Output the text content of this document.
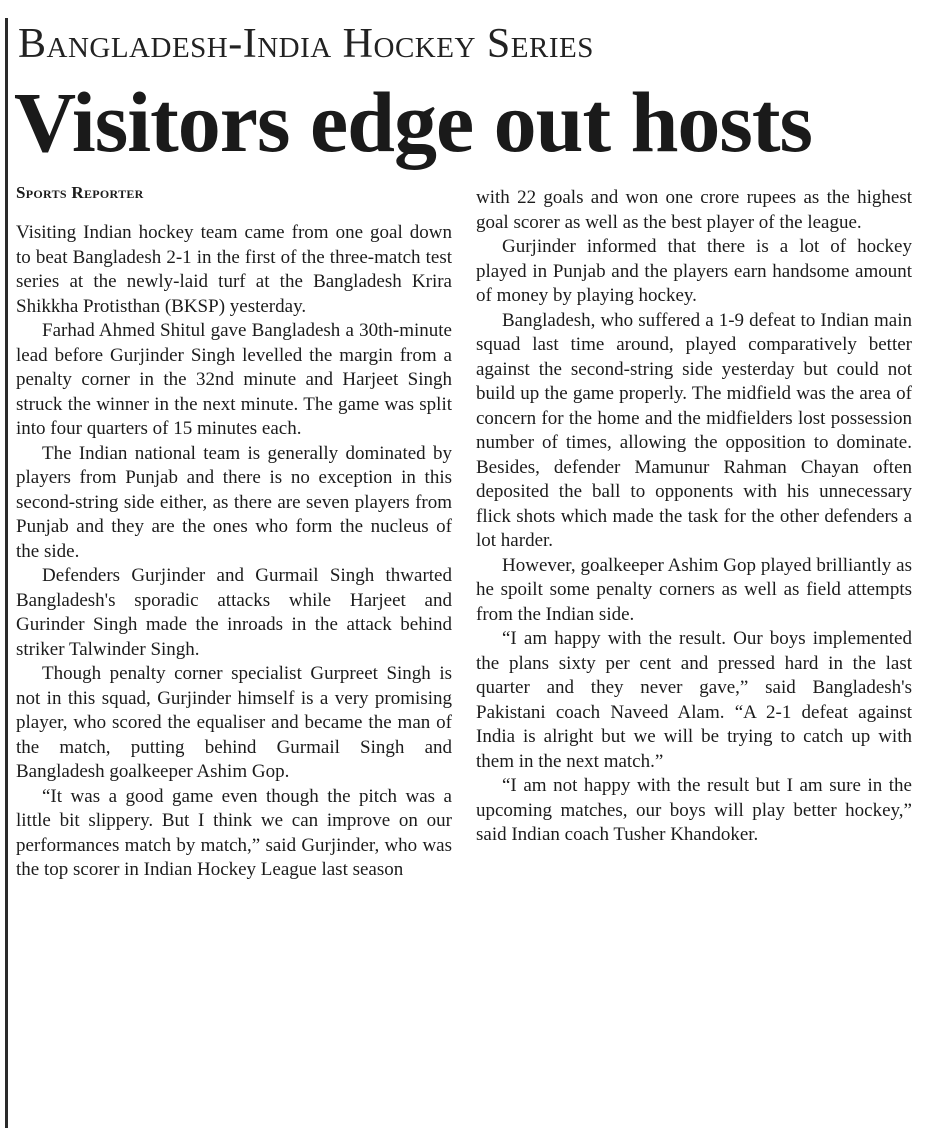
Bangladesh-India Hockey Series
Visitors edge out hosts
Sports Reporter

Visiting Indian hockey team came from one goal down to beat Bangladesh 2-1 in the first of the three-match test series at the newly-laid turf at the Bangladesh Krira Shikkha Protisthan (BKSP) yesterday.

Farhad Ahmed Shitul gave Bangladesh a 30th-minute lead before Gurjinder Singh levelled the margin from a penalty corner in the 32nd minute and Harjeet Singh struck the winner in the next minute. The game was split into four quarters of 15 minutes each.

The Indian national team is generally dominated by players from Punjab and there is no exception in this second-string side either, as there are seven players from Punjab and they are the ones who form the nucleus of the side.

Defenders Gurjinder and Gurmail Singh thwarted Bangladesh's sporadic attacks while Harjeet and Gurinder Singh made the inroads in the attack behind striker Talwinder Singh.

Though penalty corner specialist Gurpreet Singh is not in this squad, Gurjinder himself is a very promising player, who scored the equaliser and became the man of the match, putting behind Gurmail Singh and Bangladesh goalkeeper Ashim Gop.

“It was a good game even though the pitch was a little bit slippery. But I think we can improve on our performances match by match,” said Gurjinder, who was the top scorer in Indian Hockey League last season

with 22 goals and won one crore rupees as the highest goal scorer as well as the best player of the league.

Gurjinder informed that there is a lot of hockey played in Punjab and the players earn handsome amount of money by playing hockey.

Bangladesh, who suffered a 1-9 defeat to Indian main squad last time around, played comparatively better against the second-string side yesterday but could not build up the game properly. The midfield was the area of concern for the home and the midfielders lost possession number of times, allowing the opposition to dominate. Besides, defender Mamunur Rahman Chayan often deposited the ball to opponents with his unnecessary flick shots which made the task for the other defenders a lot harder.

However, goalkeeper Ashim Gop played brilliantly as he spoilt some penalty corners as well as field attempts from the Indian side.

“I am happy with the result. Our boys implemented the plans sixty per cent and pressed hard in the last quarter and they never gave,” said Bangladesh's Pakistani coach Naveed Alam. “A 2-1 defeat against India is alright but we will be trying to catch up with them in the next match.”

“I am not happy with the result but I am sure in the upcoming matches, our boys will play better hockey,” said Indian coach Tusher Khandoker.
